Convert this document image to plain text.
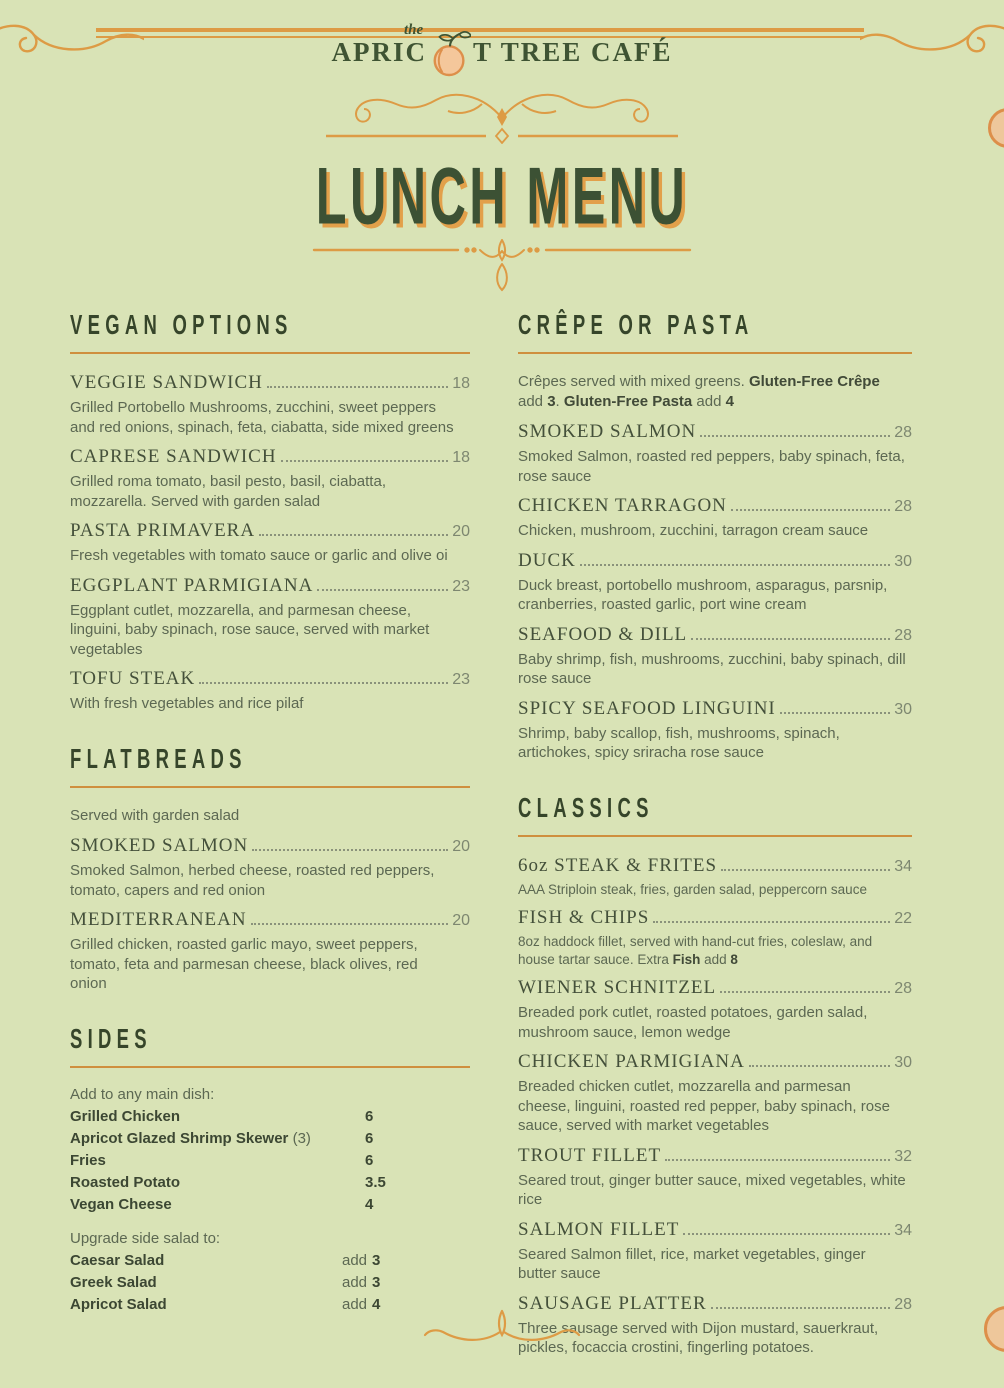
the
APRIC T TREE CAFÉ
LUNCH MENU
VEGAN OPTIONS
VEGGIE SANDWICH	18

Grilled Portobello Mushrooms, zucchini, sweet peppers and red onions, spinach, feta, ciabatta, side mixed greens

CAPRESE SANDWICH	18

Grilled roma tomato, basil pesto, basil, ciabatta, mozzarella. Served with garden salad

PASTA PRIMAVERA	20

Fresh vegetables with tomato sauce or garlic and olive oi

EGGPLANT PARMIGIANA	23

Eggplant cutlet, mozzarella, and parmesan cheese, linguini, baby spinach, rose sauce, served with market vegetables

TOFU STEAK	23

With fresh vegetables and rice pilaf

FLATBREADS

Served with garden salad

SMOKED SALMON	20

Smoked Salmon, herbed cheese, roasted red peppers, tomato, capers and red onion

MEDITERRANEAN	20

Grilled chicken, roasted garlic mayo, sweet peppers, tomato, feta and parmesan cheese, black olives, red onion

SIDES

Add to any main dish:

Grilled Chicken	6
Apricot Glazed Shrimp Skewer (3)	6
Fries	6
Roasted Potato	3.5
Vegan Cheese	4

Upgrade side salad to:

Caesar Salad	add 3
Greek Salad	add 3
Apricot Salad	add 4
CRÊPE OR PASTA

Crêpes served with mixed greens. Gluten-Free Crêpe add 3. Gluten-Free Pasta add 4

SMOKED SALMON	28

Smoked Salmon, roasted red peppers, baby spinach, feta, rose sauce

CHICKEN TARRAGON	28

Chicken, mushroom, zucchini, tarragon cream sauce

DUCK	30

Duck breast, portobello mushroom, asparagus, parsnip, cranberries, roasted garlic, port wine cream

SEAFOOD & DILL	28

Baby shrimp, fish, mushrooms, zucchini, baby spinach, dill rose sauce

SPICY SEAFOOD LINGUINI	30

Shrimp, baby scallop, fish, mushrooms, spinach, artichokes, spicy sriracha rose sauce

CLASSICS
6oz STEAK & FRITES	34

AAA Striploin steak, fries, garden salad, peppercorn sauce

FISH & CHIPS	22

8oz haddock fillet, served with hand-cut fries, coleslaw, and house tartar sauce. Extra Fish add 8

WIENER SCHNITZEL	28

Breaded pork cutlet, roasted potatoes, garden salad, mushroom sauce, lemon wedge

CHICKEN PARMIGIANA	30

Breaded chicken cutlet, mozzarella and parmesan cheese, linguini, roasted red pepper, baby spinach, rose sauce, served with market vegetables

TROUT FILLET	32

Seared trout, ginger butter sauce, mixed vegetables, white rice

SALMON FILLET	34

Seared Salmon fillet, rice, market vegetables, ginger butter sauce

SAUSAGE PLATTER	28

Three sausage served with Dijon mustard, sauerkraut, pickles, focaccia crostini, fingerling potatoes.
